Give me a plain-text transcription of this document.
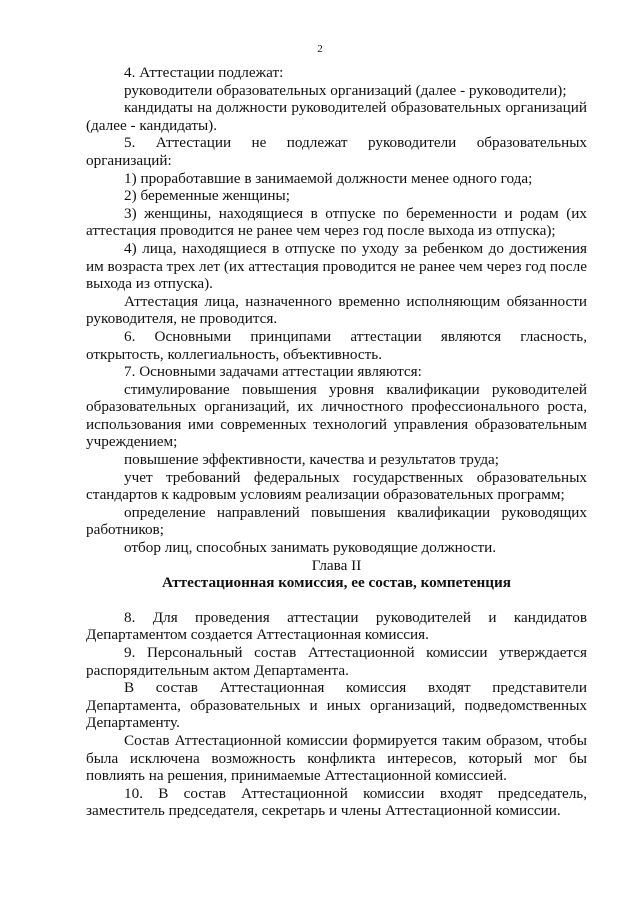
2

4. Аттестации подлежат:

руководители образовательных организаций (далее - руководители);

кандидаты на должности руководителей образовательных организаций (далее - кандидаты).

5. Аттестации не подлежат руководители образовательных организаций:

1) проработавшие в занимаемой должности менее одного года;

2) беременные женщины;

3) женщины, находящиеся в отпуске по беременности и родам (их аттестация проводится не ранее чем через год после выхода из отпуска);

4) лица, находящиеся в отпуске по уходу за ребенком до достижения им возраста трех лет (их аттестация проводится не ранее чем через год после выхода из отпуска).

Аттестация лица, назначенного временно исполняющим обязанности руководителя, не проводится.

6. Основными принципами аттестации являются гласность, открытость, коллегиальность, объективность.

7. Основными задачами аттестации являются:

стимулирование повышения уровня квалификации руководителей образовательных организаций, их личностного профессионального роста, использования ими современных технологий управления образовательным учреждением;

повышение эффективности, качества и результатов труда;

учет требований федеральных государственных образовательных стандартов к кадровым условиям реализации образовательных программ;

определение направлений повышения квалификации руководящих работников;

отбор лиц, способных занимать руководящие должности.

Глава II

Аттестационная комиссия, ее состав, компетенция

8. Для проведения аттестации руководителей и кандидатов Департаментом создается Аттестационная комиссия.

9. Персональный состав Аттестационной комиссии утверждается распорядительным актом Департамента.

В состав Аттестационная комиссия входят представители Департамента, образовательных и иных организаций, подведомственных Департаменту.

Состав Аттестационной комиссии формируется таким образом, чтобы была исключена возможность конфликта интересов, который мог бы повлиять на решения, принимаемые Аттестационной комиссией.

10. В состав Аттестационной комиссии входят председатель, заместитель председателя, секретарь и члены Аттестационной комиссии.
